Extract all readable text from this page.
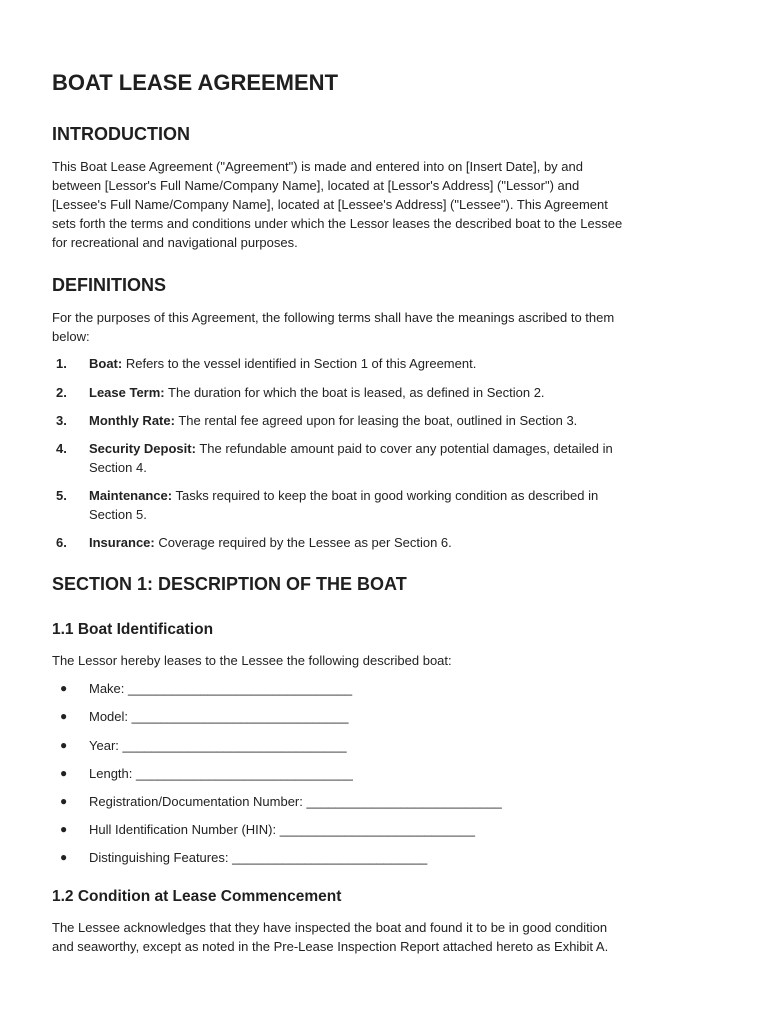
BOAT LEASE AGREEMENT
INTRODUCTION
This Boat Lease Agreement ("Agreement") is made and entered into on [Insert Date], by and
between [Lessor's Full Name/Company Name], located at [Lessor's Address] ("Lessor") and
[Lessee's Full Name/Company Name], located at [Lessee's Address] ("Lessee"). This Agreement
sets forth the terms and conditions under which the Lessor leases the described boat to the Lessee
for recreational and navigational purposes.
DEFINITIONS
For the purposes of this Agreement, the following terms shall have the meanings ascribed to them
below:
1. Boat: Refers to the vessel identified in Section 1 of this Agreement.
2. Lease Term: The duration for which the boat is leased, as defined in Section 2.
3. Monthly Rate: The rental fee agreed upon for leasing the boat, outlined in Section 3.
4. Security Deposit: The refundable amount paid to cover any potential damages, detailed in
Section 4.
5. Maintenance: Tasks required to keep the boat in good working condition as described in
Section 5.
6. Insurance: Coverage required by the Lessee as per Section 6.
SECTION 1: DESCRIPTION OF THE BOAT
1.1 Boat Identification
The Lessor hereby leases to the Lessee the following described boat:
● Make: _______________________________
● Model: ______________________________
● Year: _______________________________
● Length: ______________________________
● Registration/Documentation Number: ___________________________
● Hull Identification Number (HIN): ___________________________
● Distinguishing Features: ___________________________
1.2 Condition at Lease Commencement
The Lessee acknowledges that they have inspected the boat and found it to be in good condition
and seaworthy, except as noted in the Pre-Lease Inspection Report attached hereto as Exhibit A.
